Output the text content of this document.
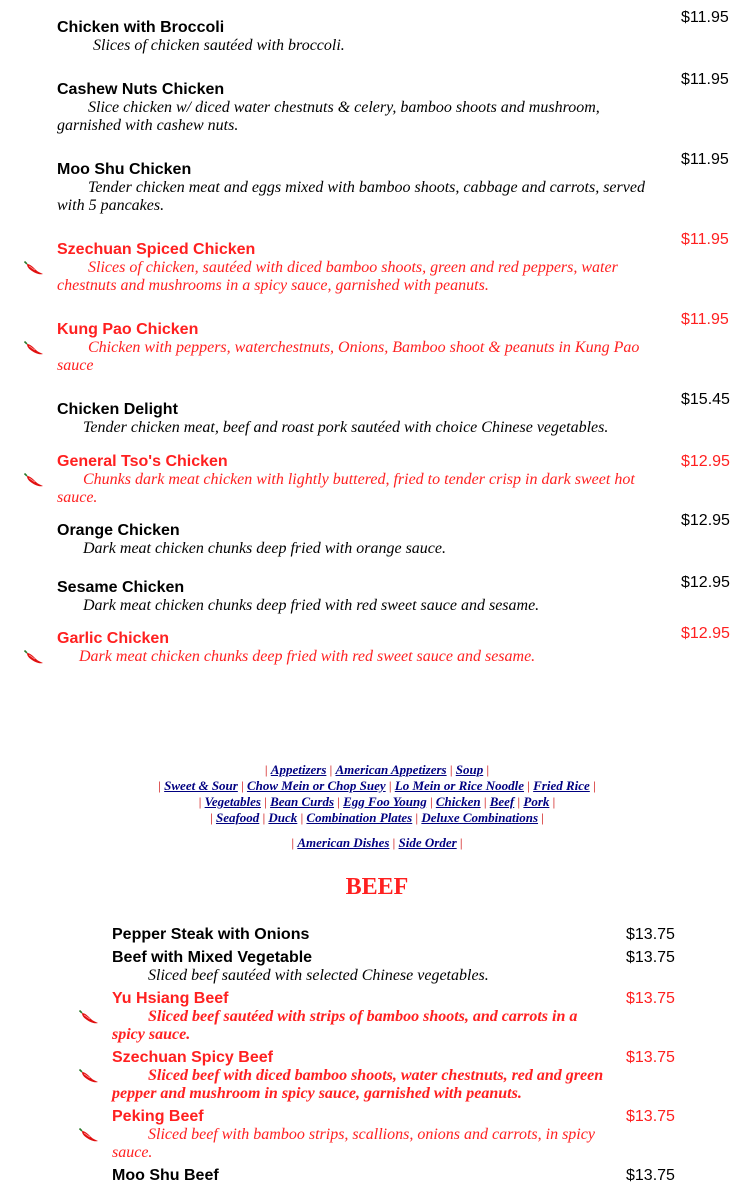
Chicken with Broccoli
Slices of chicken sautéed with broccoli.
$11.95
Cashew Nuts Chicken
Slice chicken w/ diced water chestnuts & celery, bamboo shoots and mushroom, garnished with cashew nuts.
$11.95
Moo Shu Chicken
Tender chicken meat and eggs mixed with bamboo shoots, cabbage and carrots, served with 5 pancakes.
$11.95
Szechuan Spiced Chicken
Slices of chicken, sautéed with diced bamboo shoots, green and red peppers, water chestnuts and mushrooms in a spicy sauce, garnished with peanuts.
$11.95
Kung Pao Chicken
Chicken with peppers, waterchestnuts, Onions, Bamboo shoot & peanuts in Kung Pao sauce
$11.95
Chicken Delight
Tender chicken meat, beef and roast pork sautéed with choice Chinese vegetables.
$15.45
General Tso's Chicken
Chunks dark meat chicken with lightly buttered, fried to tender crisp in dark sweet hot sauce.
$12.95
Orange Chicken
Dark meat chicken chunks deep fried with orange sauce.
$12.95
Sesame Chicken
Dark meat chicken chunks deep fried with red sweet sauce and sesame.
$12.95
Garlic Chicken
Dark meat chicken chunks deep fried with red sweet sauce and sesame.
$12.95
| Appetizers | American Appetizers | Soup |
| Sweet & Sour | Chow Mein or Chop Suey | Lo Mein or Rice Noodle | Fried Rice |
| Vegetables | Bean Curds | Egg Foo Young | Chicken | Beef | Pork |
| Seafood | Duck | Combination Plates | Deluxe Combinations |
| American Dishes | Side Order |
BEEF
Pepper Steak with Onions	$13.75
Beef with Mixed Vegetable
Sliced beef sautéed with selected Chinese vegetables.
$13.75
Yu Hsiang Beef
Sliced beef sautéed with strips of bamboo shoots, and carrots in a spicy sauce.
$13.75
Szechuan Spicy Beef
Sliced beef with diced bamboo shoots, water chestnuts, red and green pepper and mushroom in spicy sauce, garnished with peanuts.
$13.75
Peking Beef
Sliced beef with bamboo strips, scallions, onions and carrots, in spicy sauce.
$13.75
Moo Shu Beef	$13.75
